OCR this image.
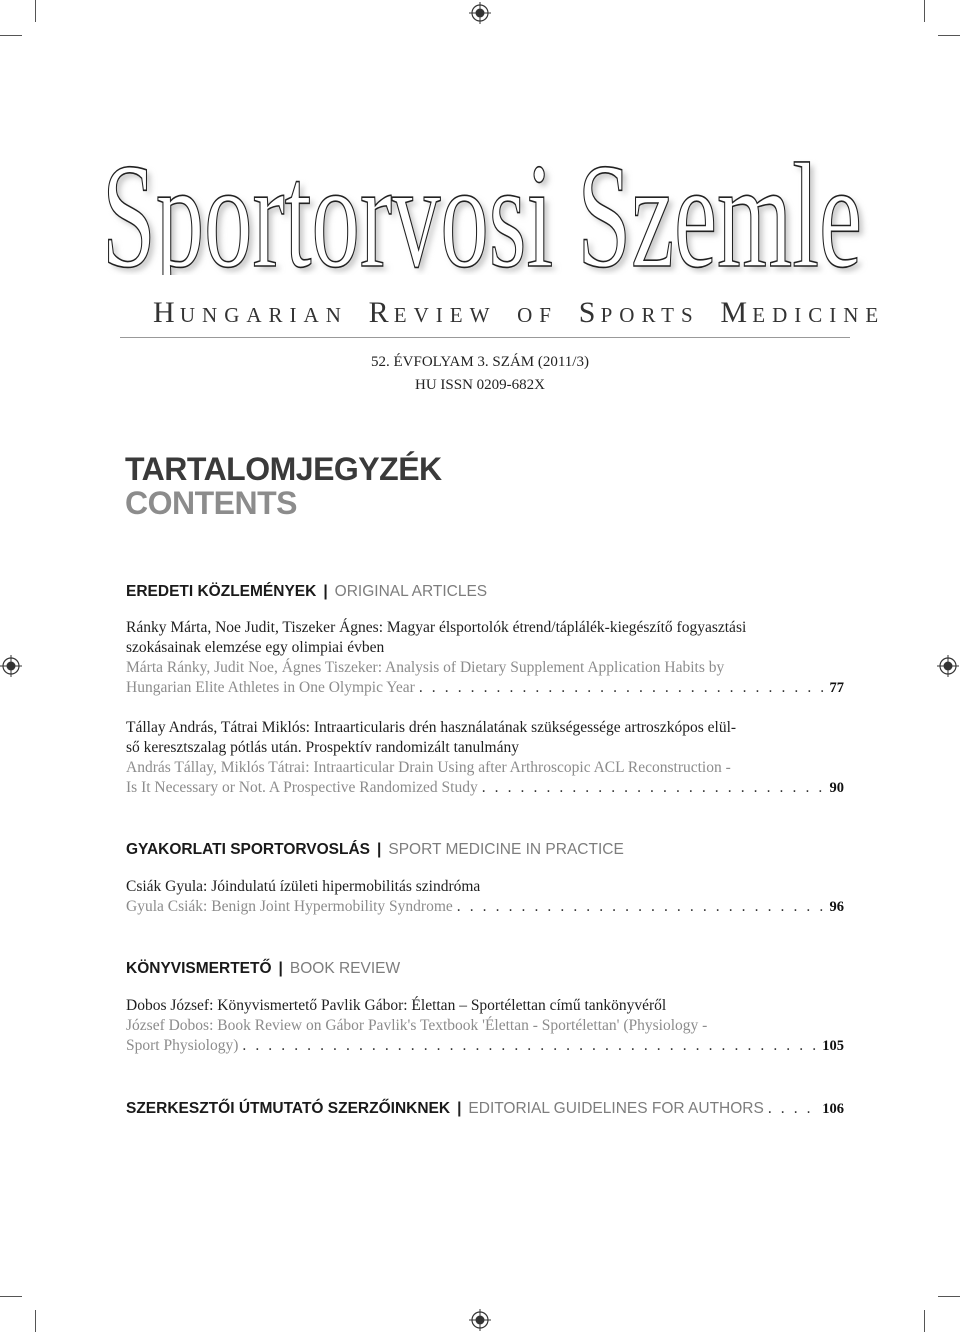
Sportorvosi Szemle
Sportorvosi Szemle
HUNGARIAN REVIEW OF SPORTS MEDICINE
52. ÉVFOLYAM 3. SZÁM (2011/3)
HU ISSN 0209-682X
TARTALOMJEGYZÉK
CONTENTS
EREDETI KÖZLEMÉNYEK | ORIGINAL ARTICLES
Ránky Márta, Noe Judit, Tiszeker Ágnes: Magyar élsportolók étrend/táplálék-kiegészítő fogyasztási
szokásainak elemzése egy olimpiai évben
Márta Ránky, Judit Noe, Ágnes Tiszeker: Analysis of Dietary Supplement Application Habits by
Hungarian Elite Athletes in One Olympic Year . . .	77
Tállay András, Tátrai Miklós: Intraarticularis drén használatának szükségessége artroszkópos elül-
ső keresztszalag pótlás után. Prospektív randomizált tanulmány
András Tállay, Miklós Tátrai: Intraarticular Drain Using after Arthroscopic ACL Reconstruction -
Is It Necessary or Not. A Prospective Randomized Study . . .	90
GYAKORLATI SPORTORVOSLÁS | SPORT MEDICINE IN PRACTICE
Csiák Gyula: Jóindulatú ízületi hipermobilitás szindróma
Gyula Csiák: Benign Joint Hypermobility Syndrome . . .	96
KÖNYVISMERTETŐ | BOOK REVIEW
Dobos József: Könyvismertető Pavlik Gábor: Élettan – Sportélettan című tankönyvéről
József Dobos: Book Review on Gábor Pavlik's Textbook 'Élettan - Sportélettan' (Physiology -
Sport Physiology) . . .	105
SZERKESZTŐI ÚTMUTATÓ SZERZŐINKNEK | EDITORIAL GUIDELINES FOR AUTHORS . . .	106
